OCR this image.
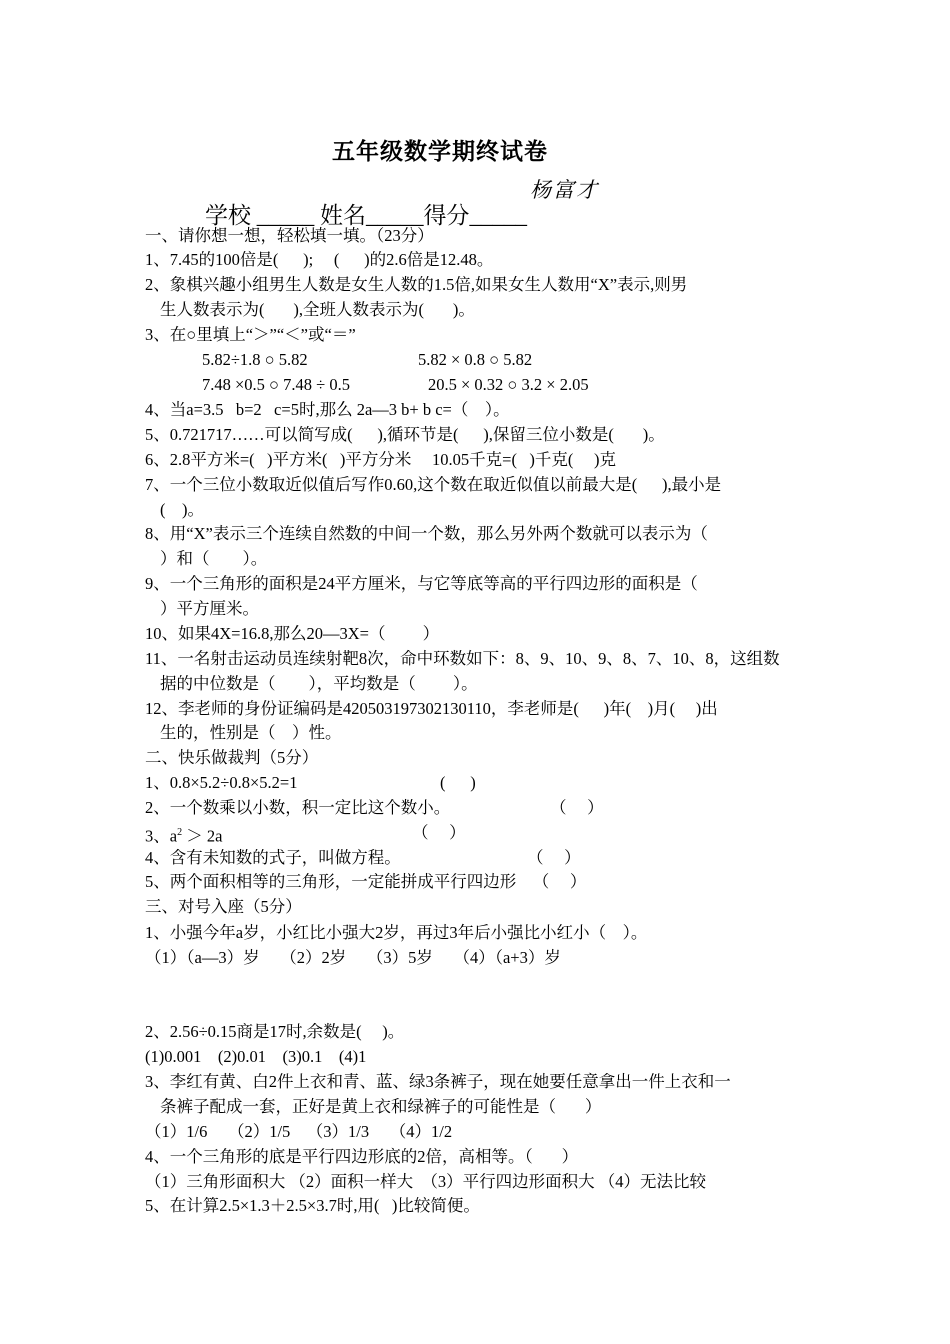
五年级数学期终试卷
杨富才
学校 _____ 姓名_____得分_____
一、请你想一想，轻松填一填。（23分）
1、7.45的100倍是(      );     (      )的2.6倍是12.48。
2、象棋兴趣小组男生人数是女生人数的1.5倍,如果女生人数用“X”表示,则男
生人数表示为(       ),全班人数表示为(       )。
3、在○里填上“＞”“＜”或“＝”
5.82÷1.8 ○ 5.82	5.82 × 0.8 ○ 5.82
7.48 ×0.5 ○ 7.48 ÷ 0.5	20.5 × 0.32 ○ 3.2 × 2.05
4、当a=3.5   b=2   c=5时,那么 2a—3 b+ b c=（    ）。
5、0.721717……可以简写成(      ),循环节是(      ),保留三位小数是(       )。
6、2.8平方米=(   )平方米(   )平方分米     10.05千克=(   )千克(     )克
7、一个三位小数取近似值后写作0.60,这个数在取近似值以前最大是(      ),最小是
(    )。
8、用“X”表示三个连续自然数的中间一个数，那么另外两个数就可以表示为（
）和（        ）。
9、一个三角形的面积是24平方厘米，与它等底等高的平行四边形的面积是（
）平方厘米。
10、如果4X=16.8,那么20—3X=（         ）
11、一名射击运动员连续射靶8次，命中环数如下：8、9、10、9、8、7、10、8，这组数
据的中位数是（        ），平均数是（         ）。
12、李老师的身份证编码是420503197302130110，李老师是(      )年(    )月(     )出
生的，性别是（    ）性。
二、快乐做裁判（5分）
1、0.8×5.2÷0.8×5.2=1	(      )
2、一个数乘以小数，积一定比这个数小。	（     ）
3、$a^2 > 2a$	（     ）
4、含有未知数的式子，叫做方程。	（     ）
5、两个面积相等的三角形，一定能拼成平行四边形    （     ）
三、对号入座（5分）
1、小强今年a岁，小红比小强大2岁，再过3年后小强比小红小（    ）。
（1）（a—3）岁     （2）2岁     （3）5岁     （4）（a+3）岁
2、2.56÷0.15商是17时,余数是(     )。
(1)0.001    (2)0.01    (3)0.1    (4)1
3、李红有黄、白2件上衣和青、蓝、绿3条裤子，现在她要任意拿出一件上衣和一
条裤子配成一套，正好是黄上衣和绿裤子的可能性是（       ）
（1）1/6     （2）1/5    （3）1/3     （4）1/2
4、一个三角形的底是平行四边形底的2倍，高相等。（       ）
（1）三角形面积大 （2）面积一样大  （3）平行四边形面积大 （4）无法比较
5、在计算2.5×1.3＋2.5×3.7时,用(   )比较简便。
